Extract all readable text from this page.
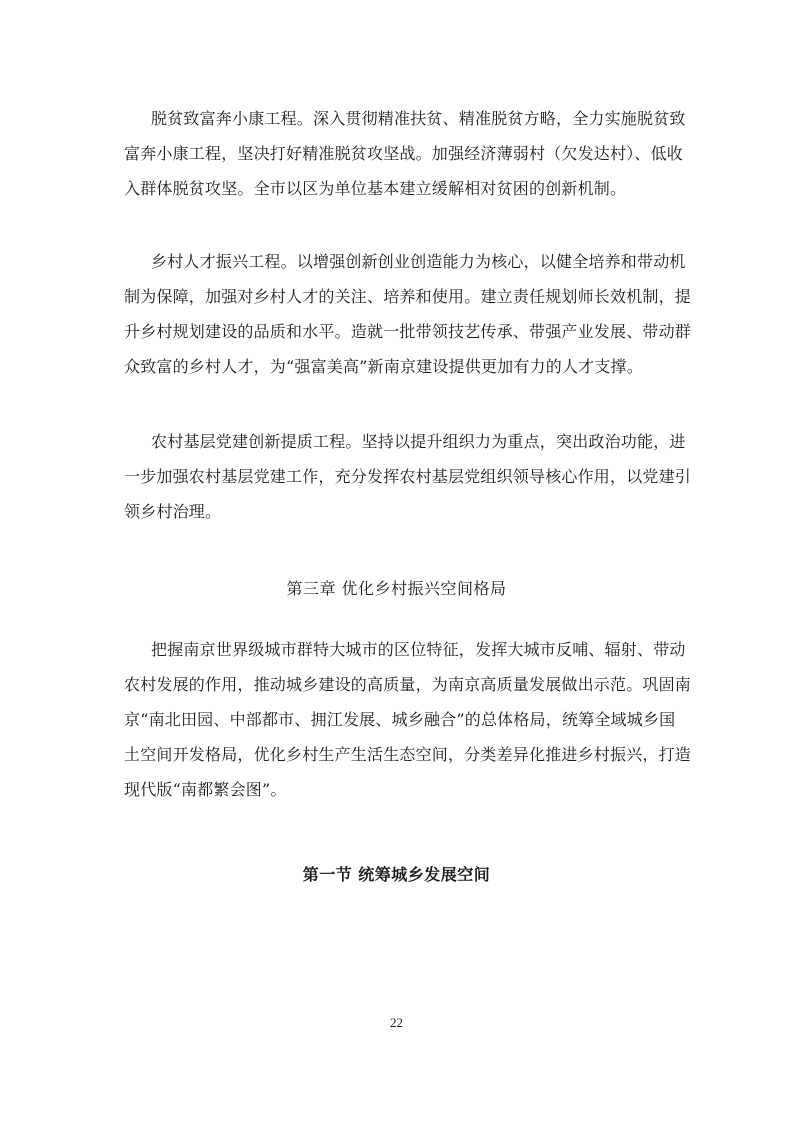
脱贫致富奔小康工程。深入贯彻精准扶贫、精准脱贫方略，全力实施脱贫致
富奔小康工程，坚决打好精准脱贫攻坚战。加强经济薄弱村（欠发达村）、低收
入群体脱贫攻坚。全市以区为单位基本建立缓解相对贫困的创新机制。
乡村人才振兴工程。以增强创新创业创造能力为核心，以健全培养和带动机
制为保障，加强对乡村人才的关注、培养和使用。建立责任规划师长效机制，提
升乡村规划建设的品质和水平。造就一批带领技艺传承、带强产业发展、带动群
众致富的乡村人才，为“强富美高”新南京建设提供更加有力的人才支撑。
农村基层党建创新提质工程。坚持以提升组织力为重点，突出政治功能，进
一步加强农村基层党建工作，充分发挥农村基层党组织领导核心作用，以党建引
领乡村治理。
第三章 优化乡村振兴空间格局
把握南京世界级城市群特大城市的区位特征，发挥大城市反哺、辐射、带动
农村发展的作用，推动城乡建设的高质量，为南京高质量发展做出示范。巩固南
京“南北田园、中部都市、拥江发展、城乡融合”的总体格局，统筹全域城乡国
土空间开发格局，优化乡村生产生活生态空间，分类差异化推进乡村振兴，打造
现代版“南都繁会图”。
第一节 统筹城乡发展空间
22
